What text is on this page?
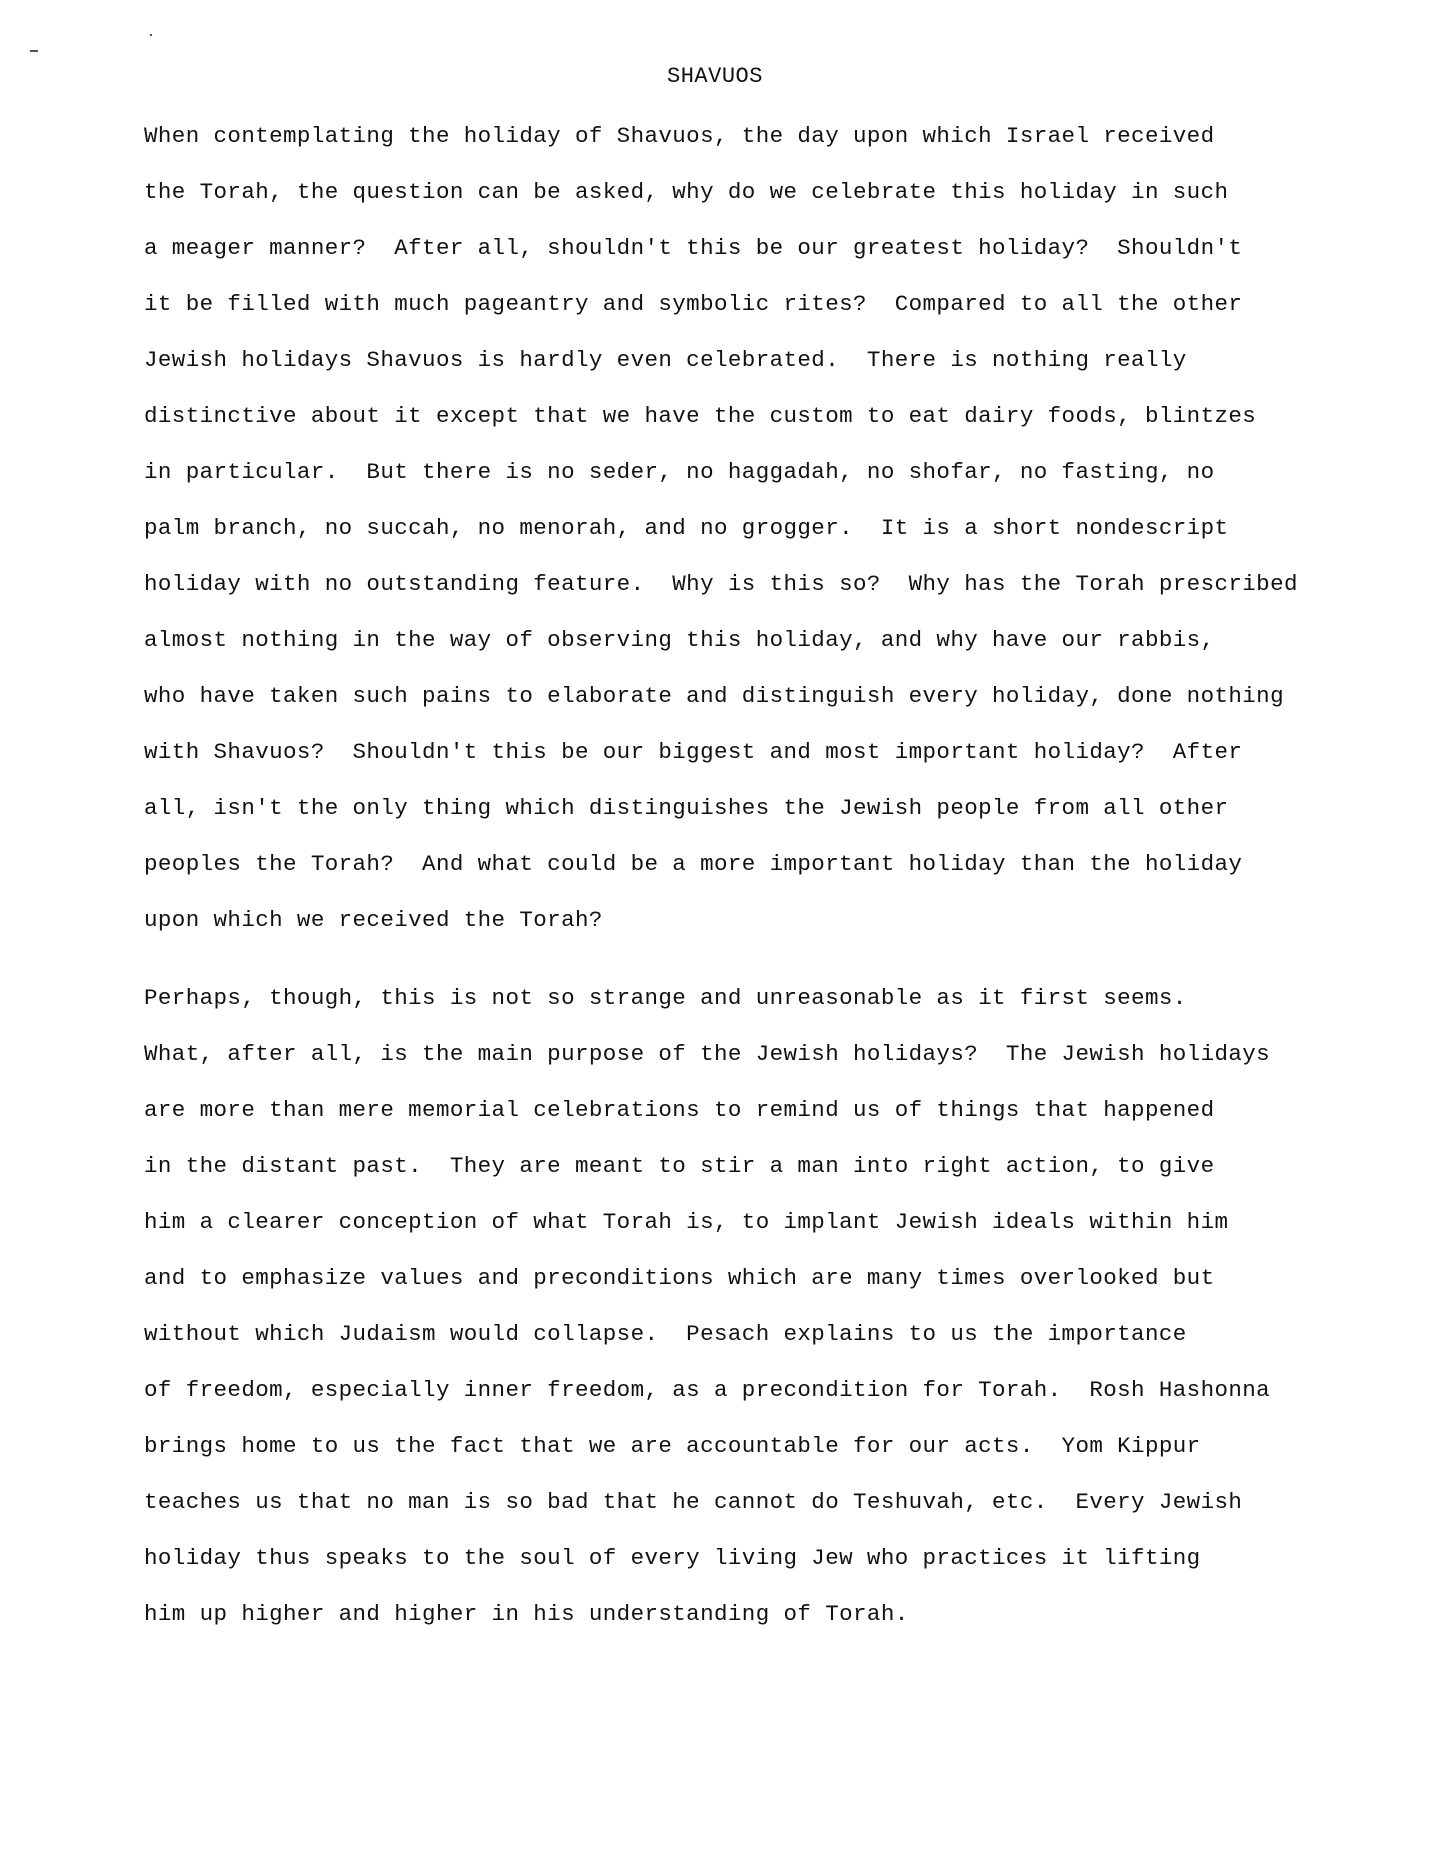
SHAVUOS
When contemplating the holiday of Shavuos, the day upon which Israel received
the Torah, the question can be asked, why do we celebrate this holiday in such
a meager manner?  After all, shouldn't this be our greatest holiday?  Shouldn't
it be filled with much pageantry and symbolic rites?  Compared to all the other
Jewish holidays Shavuos is hardly even celebrated.  There is nothing really
distinctive about it except that we have the custom to eat dairy foods, blintzes
in particular.  But there is no seder, no haggadah, no shofar, no fasting, no
palm branch, no succah, no menorah, and no grogger.  It is a short nondescript
holiday with no outstanding feature.  Why is this so?  Why has the Torah prescribed
almost nothing in the way of observing this holiday, and why have our rabbis,
who have taken such pains to elaborate and distinguish every holiday, done nothing
with Shavuos?  Shouldn't this be our biggest and most important holiday?  After
all, isn't the only thing which distinguishes the Jewish people from all other
peoples the Torah?  And what could be a more important holiday than the holiday
upon which we received the Torah?
Perhaps, though, this is not so strange and unreasonable as it first seems.
What, after all, is the main purpose of the Jewish holidays?  The Jewish holidays
are more than mere memorial celebrations to remind us of things that happened
in the distant past.  They are meant to stir a man into right action, to give
him a clearer conception of what Torah is, to implant Jewish ideals within him
and to emphasize values and preconditions which are many times overlooked but
without which Judaism would collapse.  Pesach explains to us the importance
of freedom, especially inner freedom, as a precondition for Torah.  Rosh Hashonna
brings home to us the fact that we are accountable for our acts.  Yom Kippur
teaches us that no man is so bad that he cannot do Teshuvah, etc.  Every Jewish
holiday thus speaks to the soul of every living Jew who practices it lifting
him up higher and higher in his understanding of Torah.
